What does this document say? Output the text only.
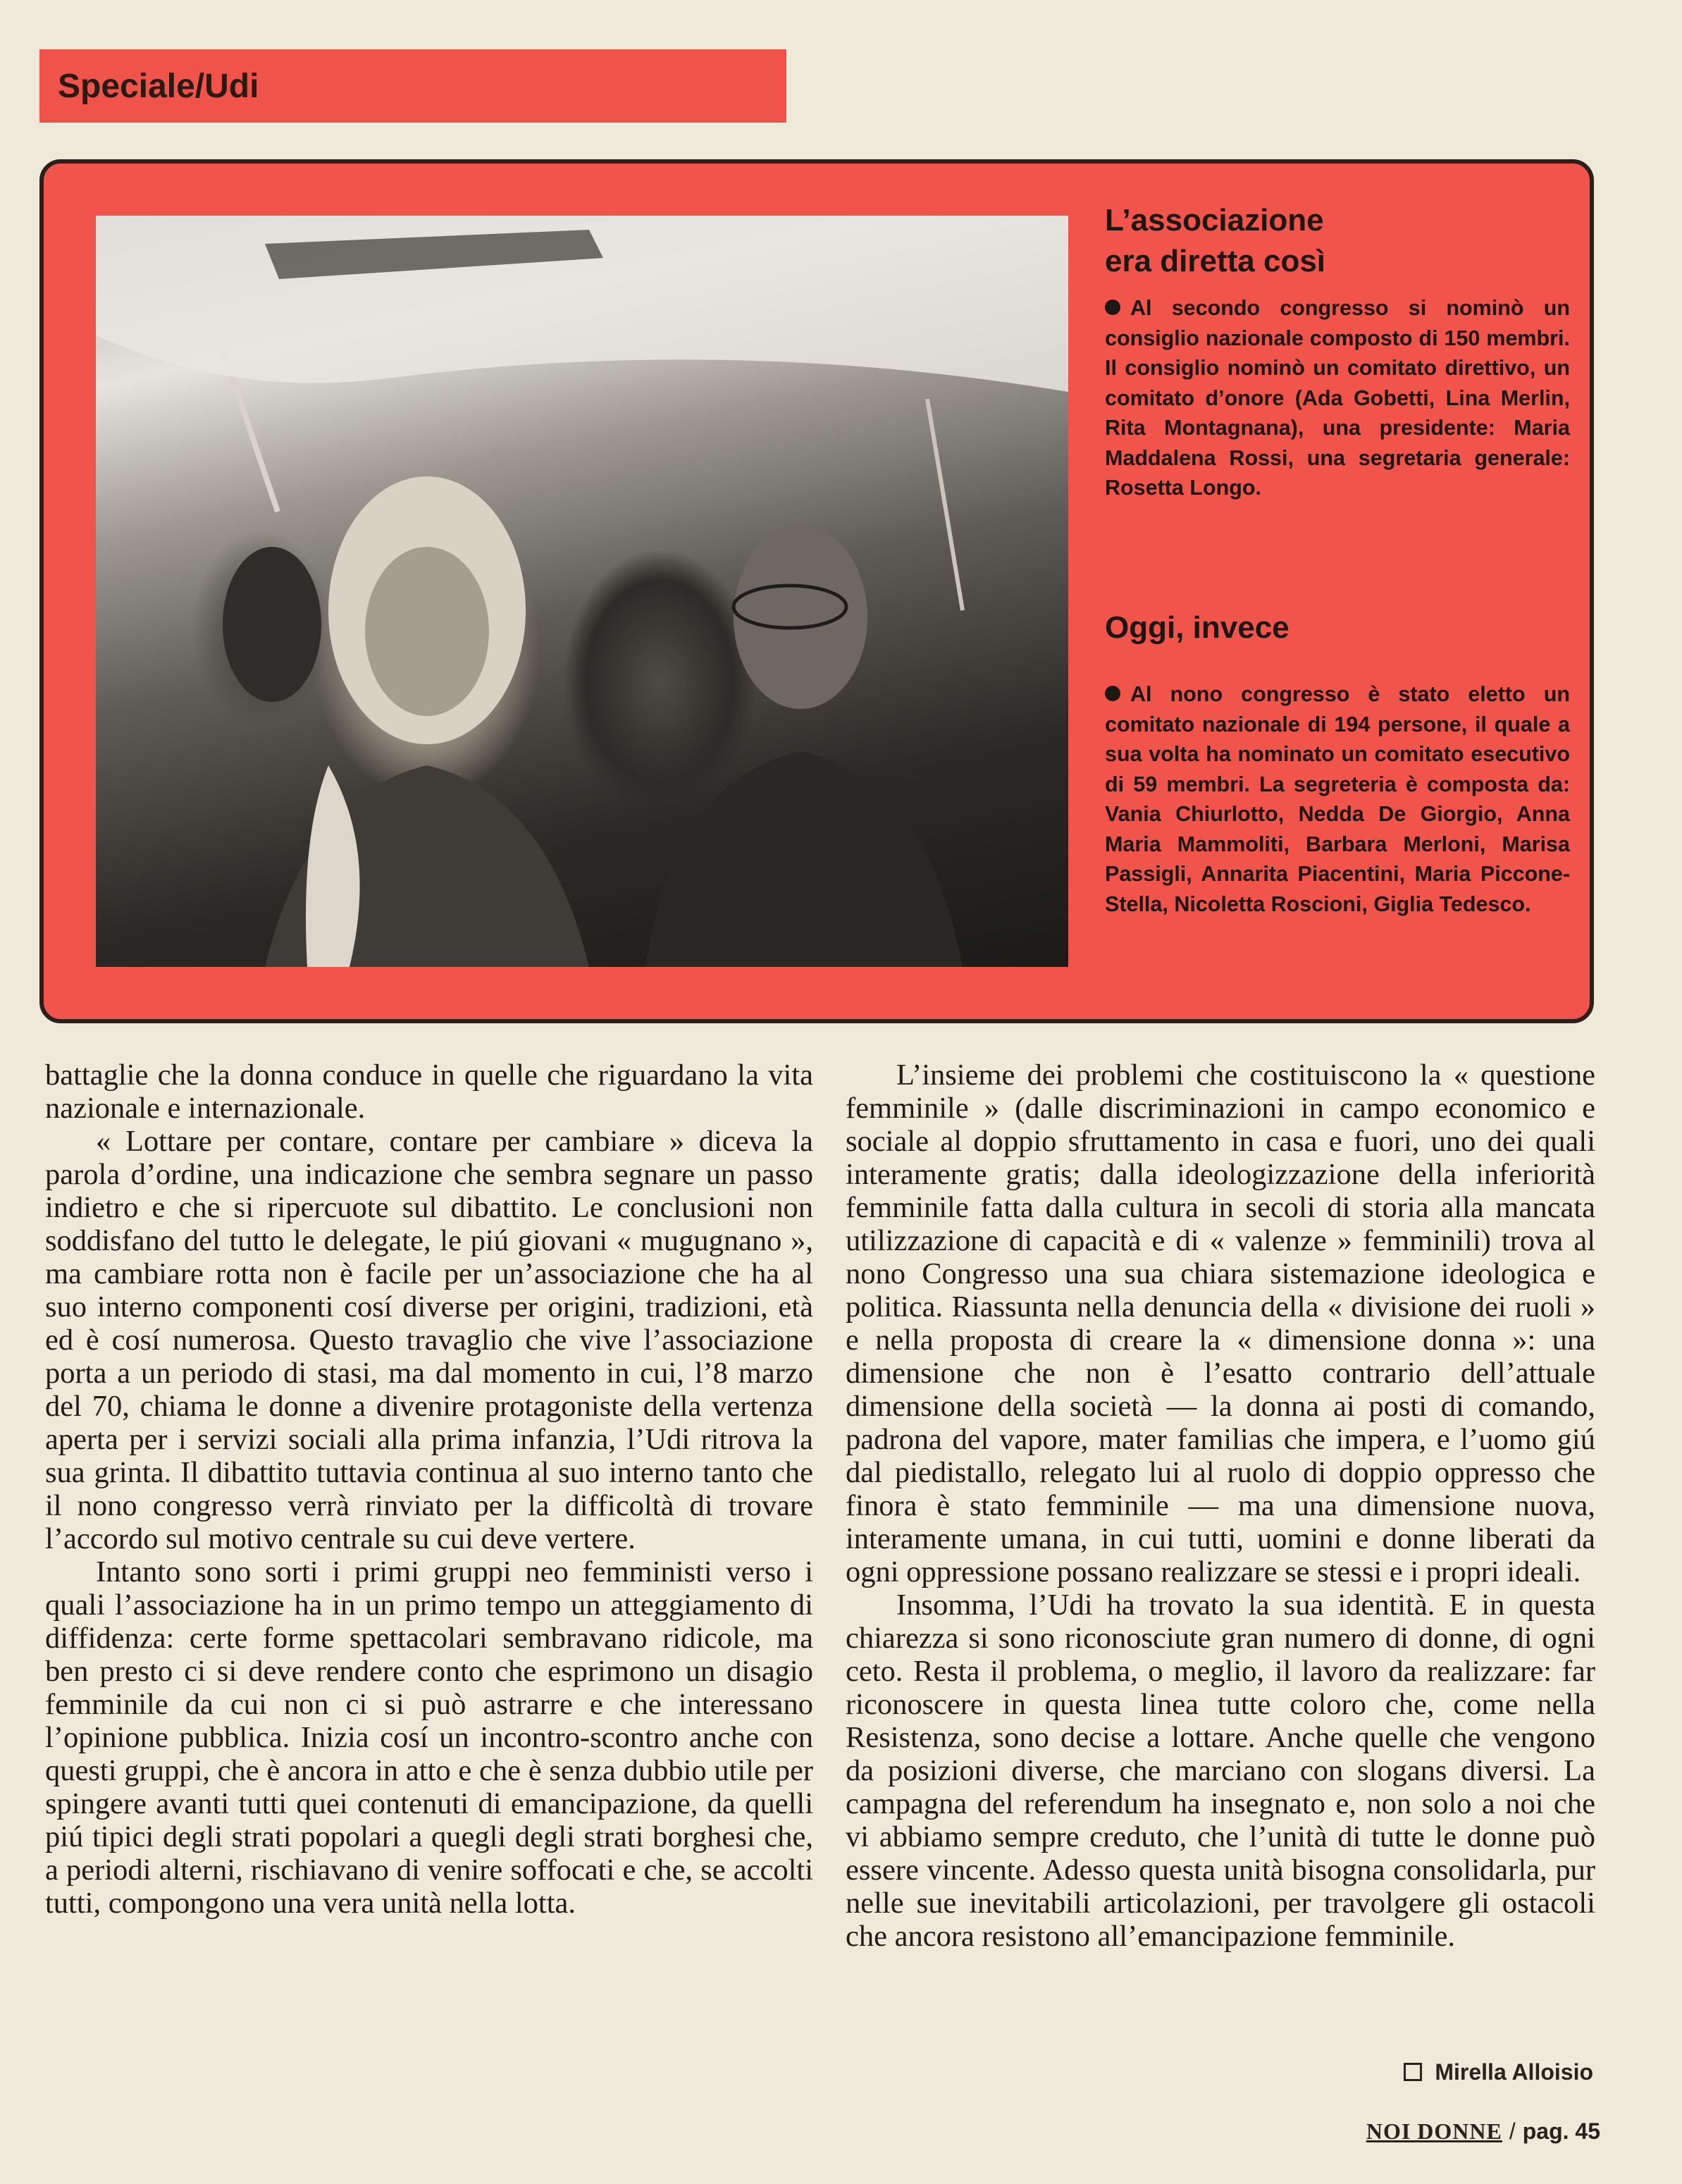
Speciale/Udi
L’associazione
era diretta così
Al secondo congresso si nominò un consiglio nazionale composto di 150 membri. Il consiglio nominò un comitato direttivo, un comitato d’onore (Ada Gobetti, Lina Merlin, Rita Montagnana), una presidente: Maria Maddalena Rossi, una segretaria generale: Rosetta Longo.
Oggi, invece
Al nono congresso è stato eletto un comitato nazionale di 194 persone, il quale a sua volta ha nominato un comitato esecutivo di 59 membri. La segreteria è composta da: Vania Chiurlotto, Nedda De Giorgio, Anna Maria Mammoliti, Barbara Merloni, Marisa Passigli, Annarita Piacentini, Maria Piccone-Stella, Nicoletta Roscioni, Giglia Tedesco.

battaglie che la donna conduce in quelle che riguardano la vita nazionale e internazionale.

« Lottare per contare, contare per cambiare » diceva la parola d’ordine, una indicazione che sembra segnare un passo indietro e che si ripercuote sul dibattito. Le conclusioni non soddisfano del tutto le delegate, le piú giovani « mugugnano », ma cambiare rotta non è facile per un’associazione che ha al suo interno componenti cosí diverse per origini, tradizioni, età ed è cosí numerosa. Questo travaglio che vive l’associazione porta a un periodo di stasi, ma dal momento in cui, l’8 marzo del 70, chiama le donne a divenire protagoniste della vertenza aperta per i servizi sociali alla prima infanzia, l’Udi ritrova la sua grinta. Il dibattito tuttavia continua al suo interno tanto che il nono congresso verrà rinviato per la difficoltà di trovare l’accordo sul motivo centrale su cui deve vertere.

Intanto sono sorti i primi gruppi neo femministi verso i quali l’associazione ha in un primo tempo un atteggiamento di diffidenza: certe forme spettacolari sembravano ridicole, ma ben presto ci si deve rendere conto che esprimono un disagio femminile da cui non ci si può astrarre e che interessano l’opinione pubblica. Inizia cosí un incontro-scontro anche con questi gruppi, che è ancora in atto e che è senza dubbio utile per spingere avanti tutti quei contenuti di emancipazione, da quelli piú tipici degli strati popolari a quegli degli strati borghesi che, a periodi alterni, rischiavano di venire soffocati e che, se accolti tutti, compongono una vera unità nella lotta.

L’insieme dei problemi che costituiscono la « questione femminile » (dalle discriminazioni in campo economico e sociale al doppio sfruttamento in casa e fuori, uno dei quali interamente gratis; dalla ideologizzazione della inferiorità femminile fatta dalla cultura in secoli di storia alla mancata utilizzazione di capacità e di « valenze » femminili) trova al nono Congresso una sua chiara sistemazione ideologica e politica. Riassunta nella denuncia della « divisione dei ruoli » e nella proposta di creare la « dimensione donna »: una dimensione che non è l’esatto contrario dell’attuale dimensione della società — la donna ai posti di comando, padrona del vapore, mater familias che impera, e l’uomo giú dal piedistallo, relegato lui al ruolo di doppio oppresso che finora è stato femminile — ma una dimensione nuova, interamente umana, in cui tutti, uomini e donne liberati da ogni oppressione possano realizzare se stessi e i propri ideali.

Insomma, l’Udi ha trovato la sua identità. E in questa chiarezza si sono riconosciute gran numero di donne, di ogni ceto. Resta il problema, o meglio, il lavoro da realizzare: far riconoscere in questa linea tutte coloro che, come nella Resistenza, sono decise a lottare. Anche quelle che vengono da posizioni diverse, che marciano con slogans diversi. La campagna del referendum ha insegnato e, non solo a noi che vi abbiamo sempre creduto, che l’unità di tutte le donne può essere vincente. Adesso questa unità bisogna consolidarla, pur nelle sue inevitabili articolazioni, per travolgere gli ostacoli che ancora resistono all’emancipazione femminile.

Mirella Alloisio
NOI DONNE / pag. 45
